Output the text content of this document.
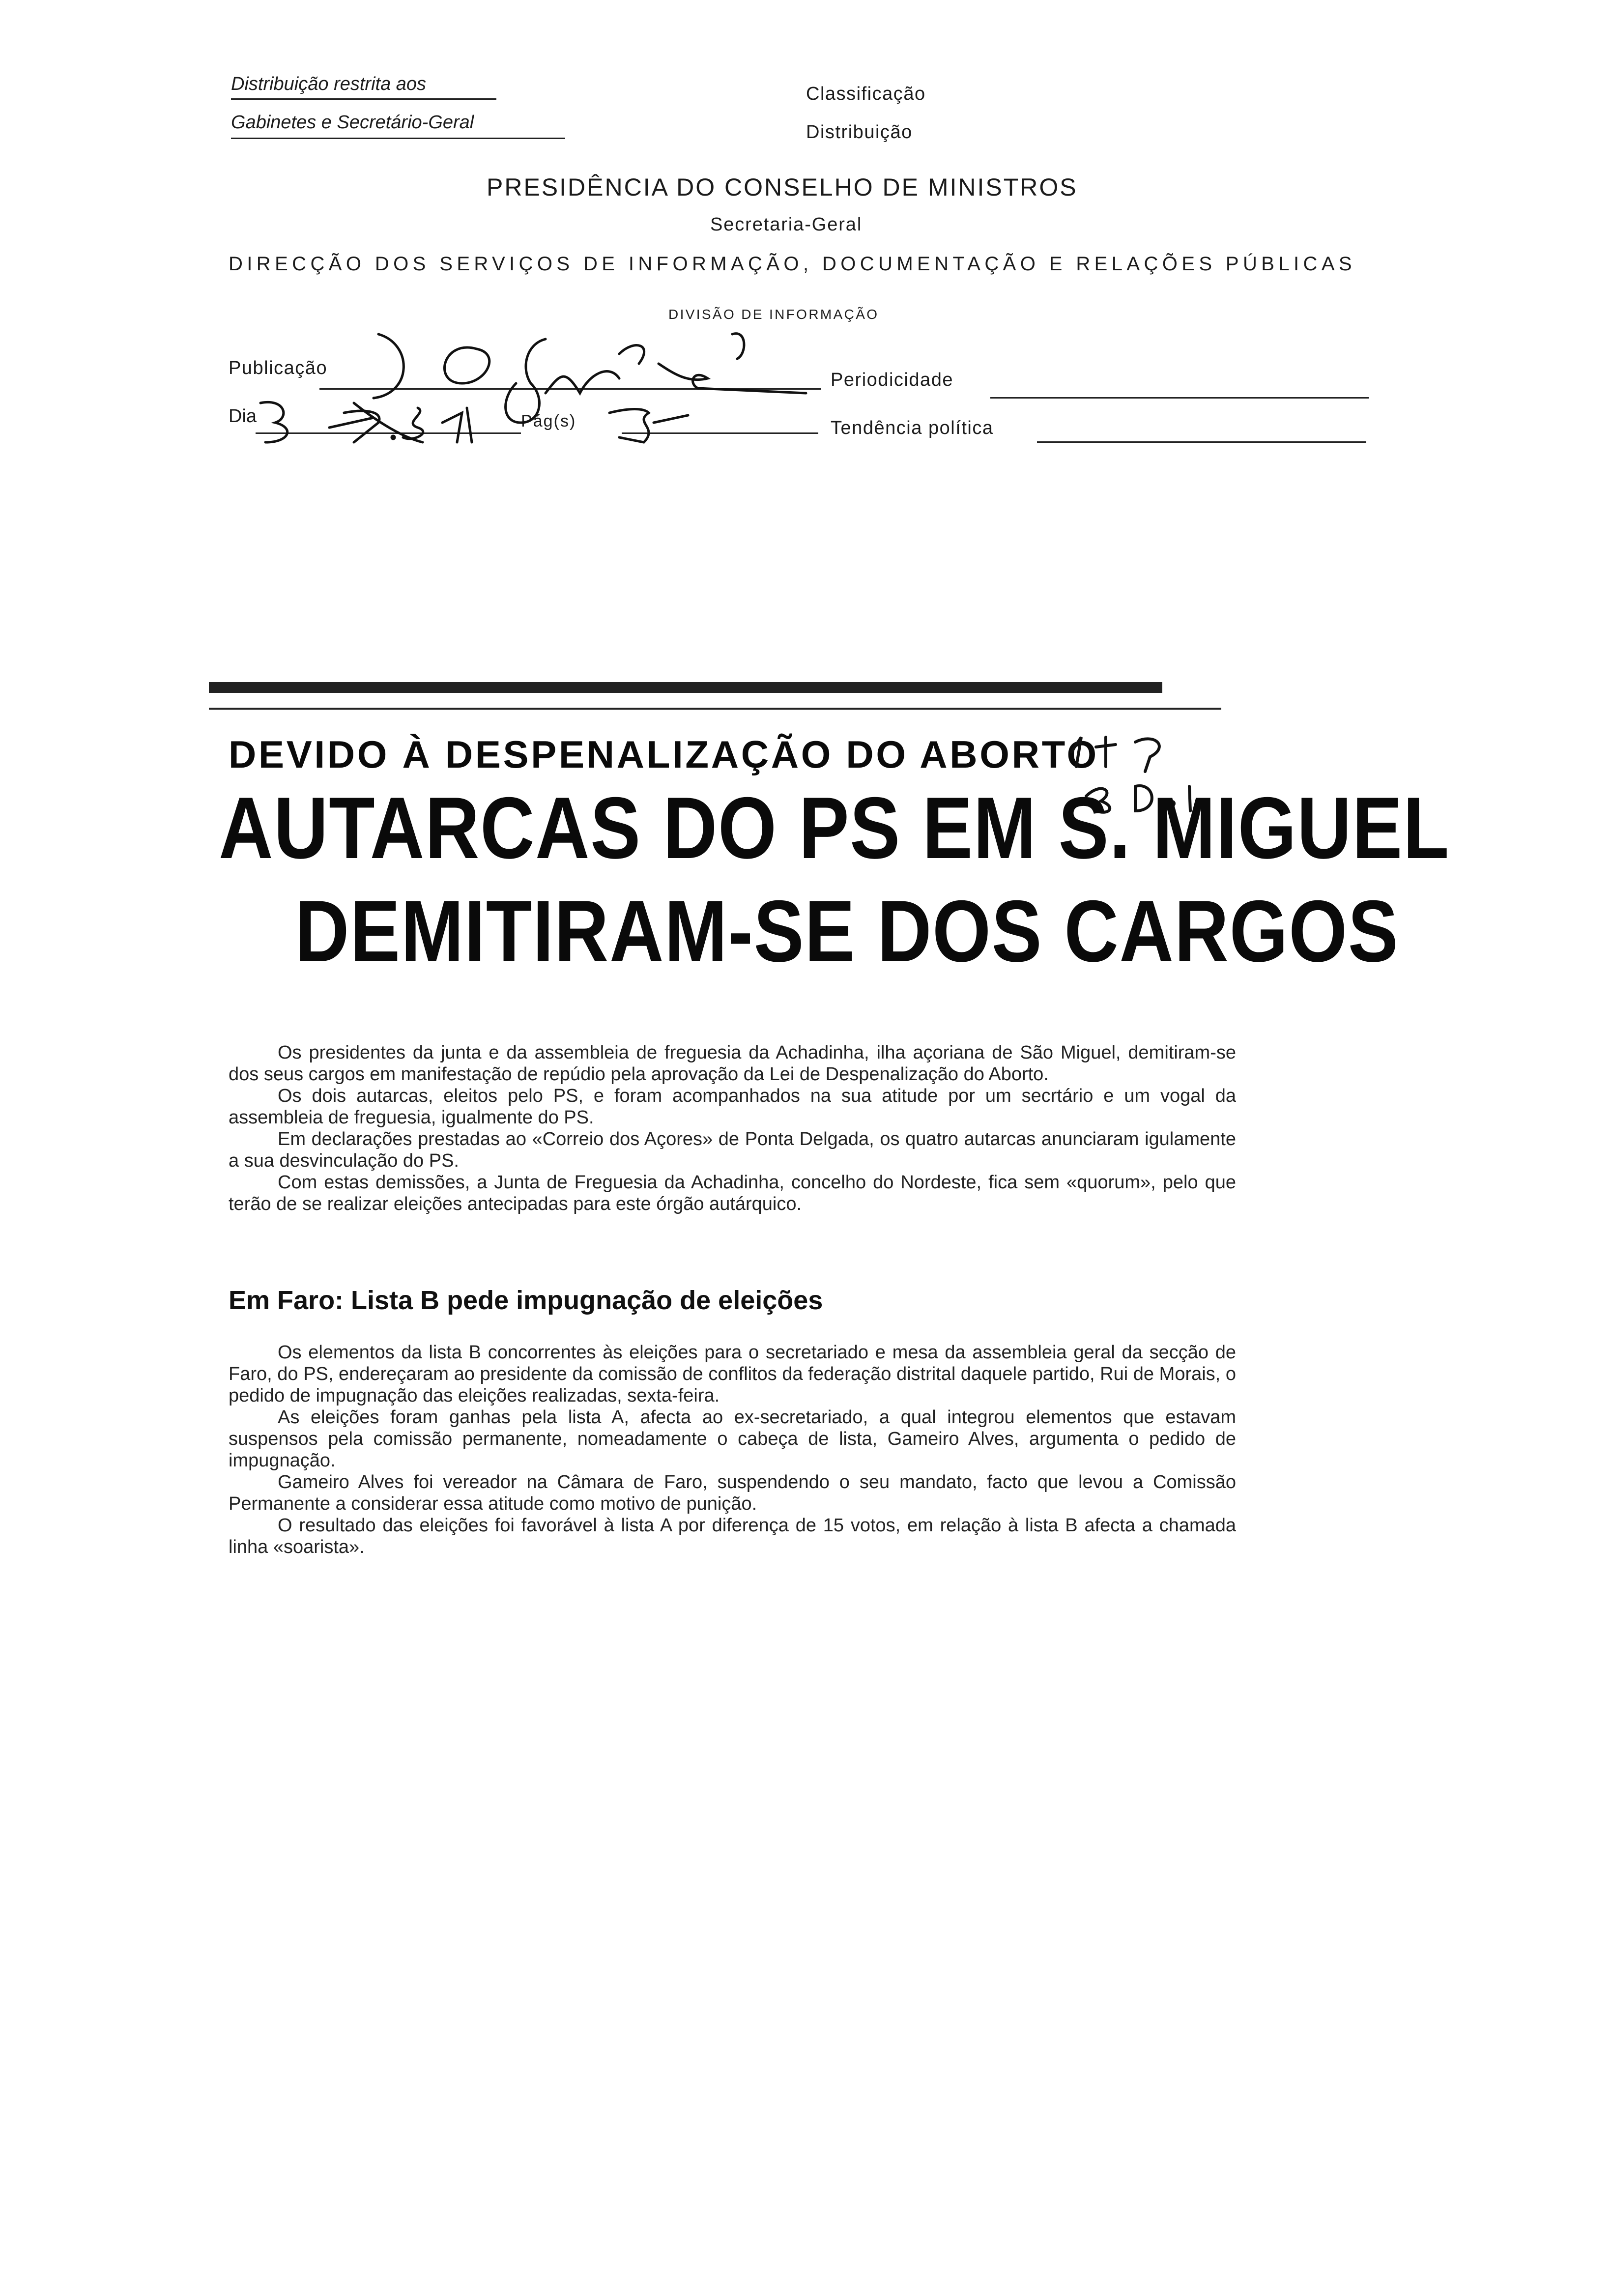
Distribuição restrita aos
Gabinetes e Secretário-Geral
Classificação
Distribuição
PRESIDÊNCIA DO CONSELHO DE MINISTROS
Secretaria-Geral
DIRECÇÃO DOS SERVIÇOS DE INFORMAÇÃO, DOCUMENTAÇÃO E RELAÇÕES PÚBLICAS
DIVISÃO DE INFORMAÇÃO
Publicação
Periodicidade
Dia	Pág(s)	Tendência política
DEVIDO À DESPENALIZAÇÃO DO ABORTO
AUTARCAS DO PS EM S. MIGUEL
DEMITIRAM-SE DOS CARGOS

Os presidentes da junta e da assembleia de freguesia da Achadinha, ilha açoriana de São Miguel, demitiram-se dos seus cargos em manifestação de repúdio pela aprovação da Lei de Despenalização do Aborto.

Os dois autarcas, eleitos pelo PS, e foram acompanhados na sua atitude por um secrtário e um vogal da assembleia de freguesia, igualmente do PS.

Em declarações prestadas ao «Correio dos Açores» de Ponta Delgada, os quatro autarcas anunciaram igulamente a sua desvinculação do PS.

Com estas demissões, a Junta de Freguesia da Achadinha, concelho do Nordeste, fica sem «quorum», pelo que terão de se realizar eleições antecipadas para este órgão autárquico.

Em Faro: Lista B pede impugnação de eleições

Os elementos da lista B concorrentes às eleições para o secretariado e mesa da assembleia geral da secção de Faro, do PS, endereçaram ao presidente da comissão de conflitos da federação distrital daquele partido, Rui de Morais, o pedido de impugnação das eleições realizadas, sexta-feira.

As eleições foram ganhas pela lista A, afecta ao ex-secretariado, a qual integrou elementos que estavam suspensos pela comissão permanente, nomeadamente o cabeça de lista, Gameiro Alves, argumenta o pedido de impugnação.

Gameiro Alves foi vereador na Câmara de Faro, suspendendo o seu mandato, facto que levou a Comissão Permanente a considerar essa atitude como motivo de punição.

O resultado das eleições foi favorável à lista A por diferença de 15 votos, em relação à lista B afecta a chamada linha «soarista».
